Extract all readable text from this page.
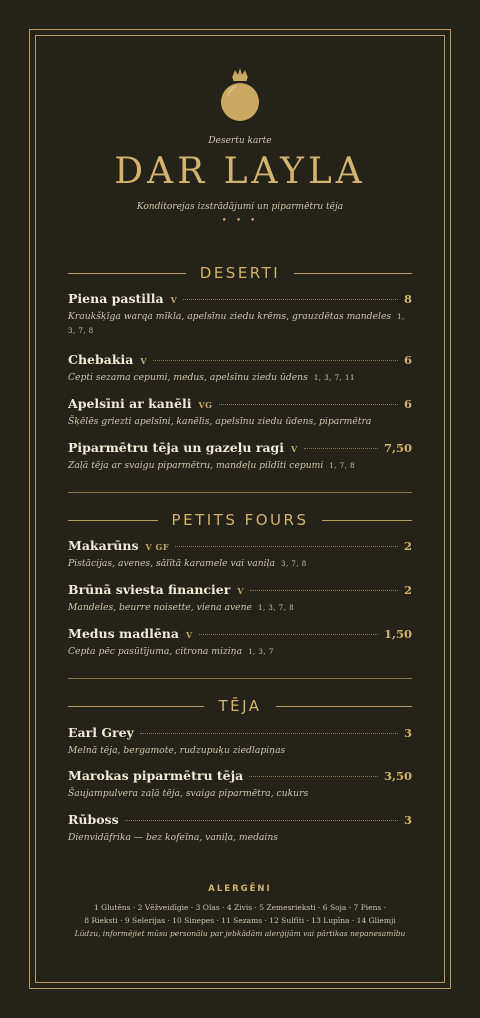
Desertu karte
DAR LAYLA
Konditorejas izstrādājumi un piparmētru tēja
• • •
DESERTI
Piena pastilla V	8
Kraukšķīga warqa mīkla, apelsīnu ziedu krēms, grauzdētas mandeles 1, 3, 7, 8
Chebakia V	6
Cepti sezama cepumi, medus, apelsīnu ziedu ūdens 1, 3, 7, 11
Apelsīni ar kanēli VG	6
Šķēlēs griezti apelsīni, kanēlis, apelsīnu ziedu ūdens, piparmētra
Piparmētru tēja un gazeļu ragi V	7,50
Zaļā tēja ar svaigu piparmētru, mandeļu pildīti cepumi 1, 7, 8
PETITS FOURS
Makarūns V GF	2
Pistācijas, avenes, sālītā karamele vai vaniļa 3, 7, 8
Brūnā sviesta financier V	2
Mandeles, beurre noisette, viena avene 1, 3, 7, 8
Medus madlēna V	1,50
Cepta pēc pasūtījuma, citrona miziņa 1, 3, 7
TĒJA
Earl Grey	3
Melnā tēja, bergamote, rudzupuķu ziedlapiņas
Marokas piparmētru tēja	3,50
Šaujampulvera zaļā tēja, svaiga piparmētra, cukurs
Rūboss	3
Dienvidāfrika — bez kofeīna, vaniļa, medains
ALERGĒNI
1 Glutēns · 2 Vēžveidīgie · 3 Olas · 4 Zivis · 5 Zemesrieksti · 6 Soja · 7 Piens ·
8 Rieksti · 9 Selerijas · 10 Sinepes · 11 Sezams · 12 Sulfīti · 13 Lupīna · 14 Gliemji
Lūdzu, informējiet mūsu personālu par jebkādām alerģijām vai pārtikas nepanesamību
